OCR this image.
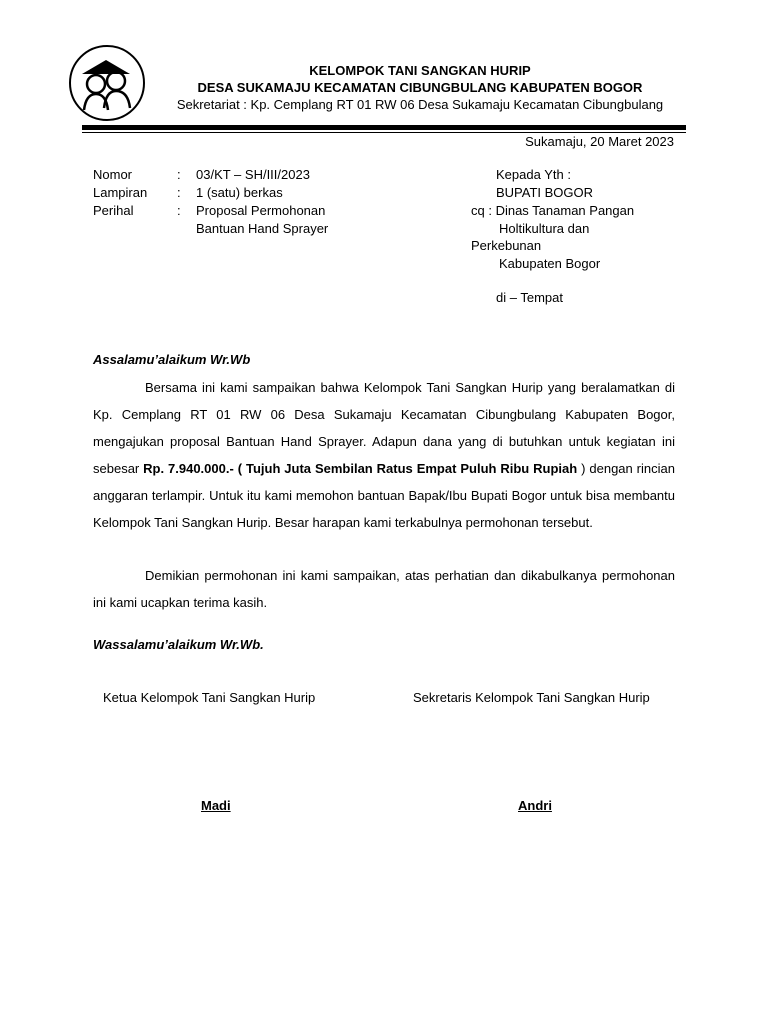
KELOMPOK TANI SANGKAN HURIP
DESA SUKAMAJU KECAMATAN CIBUNGBULANG KABUPATEN BOGOR
Sekretariat : Kp. Cemplang RT 01 RW 06 Desa Sukamaju Kecamatan Cibungbulang
Sukamaju, 20 Maret 2023
Nomor	: 03/KT – SH/III/2023
Lampiran : 1 (satu) berkas
Perihal	: Proposal Permohonan
Bantuan Hand Sprayer
Kepada Yth :
BUPATI BOGOR
cq : Dinas Tanaman Pangan
Holtikultura dan
Perkebunan
Kabupaten Bogor
di – Tempat
Assalamu’alaikum Wr.Wb
Bersama ini kami sampaikan bahwa Kelompok Tani Sangkan Hurip yang beralamatkan di Kp. Cemplang RT 01 RW 06 Desa Sukamaju Kecamatan Cibungbulang Kabupaten Bogor, mengajukan proposal Bantuan Hand Sprayer. Adapun dana yang di butuhkan untuk kegiatan ini sebesar Rp. 7.940.000.- ( Tujuh Juta Sembilan Ratus Empat Puluh Ribu Rupiah ) dengan rincian anggaran terlampir. Untuk itu kami memohon bantuan Bapak/Ibu Bupati Bogor untuk bisa membantu Kelompok Tani Sangkan Hurip. Besar harapan kami terkabulnya permohonan tersebut.
Demikian permohonan ini kami sampaikan, atas perhatian dan dikabulkanya permohonan ini kami ucapkan terima kasih.
Wassalamu’alaikum Wr.Wb.
Ketua Kelompok Tani Sangkan Hurip	Sekretaris Kelompok Tani Sangkan Hurip
Madi	Andri
